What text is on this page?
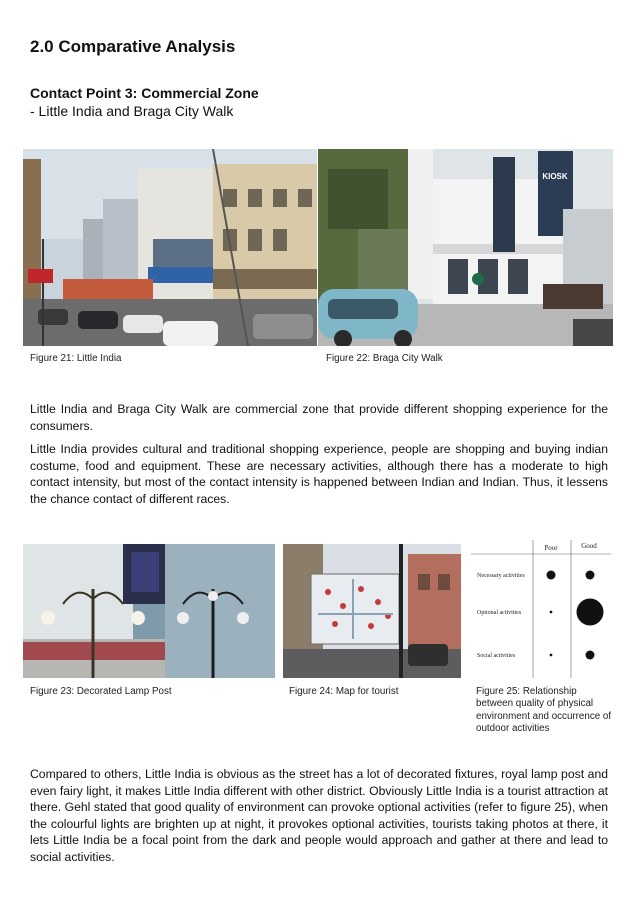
2.0 Comparative Analysis
Contact Point 3: Commercial Zone
- Little India and Braga City Walk
KIOSK
Figure 21: Little India	Figure 22: Braga City Walk
Little India and Braga City Walk are commercial zone that provide different shopping experience for the consumers.
Little India provides cultural and traditional shopping experience, people are shopping and buying indian costume, food and equipment. These are necessary activities, although there has a moderate to high contact intensity, but most of the contact intensity is happened between Indian and Indian. Thus, it lessens the chance contact of different races.
Poor	Good
Necessary activities
Optional activities
Social activities
Figure 23: Decorated Lamp Post	Figure 24: Map for tourist	Figure 25: Relationship between quality of physical environment and occurrence of outdoor activities
Compared to others, Little India is obvious as the street has a lot of decorated fixtures, royal lamp post and even fairy light, it makes Little India different with other district. Obviously Little India is a tourist attraction at there. Gehl stated that good quality of environment can provoke optional activities (refer to figure 25), when the colourful lights are brighten up at night, it provokes optional activities, tourists taking photos at there, it lets Little India be a focal point from the dark and people would approach and gather at there and lead to social activities.
